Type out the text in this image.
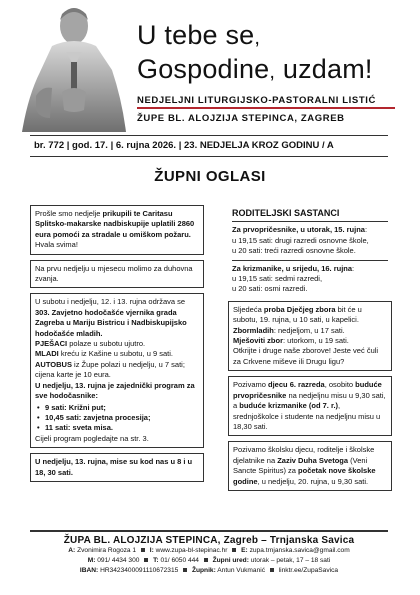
U tebe se,
Gospodine, uzdam!
NEDJELJNI LITURGIJSKO-PASTORALNI LISTIĆ
ŽUPE BL. ALOJZIJA STEPINCA, ZAGREB
br. 772 | god. 17. | 6. rujna 2026. | 23. NEDJELJA KROZ GODINU / A
ŽUPNI OGLASI
Prošle smo nedjelje prikupili te Caritasu Splitsko-makarske nadbiskupije uplatili 2860 eura pomoći za stradale u omiškom požaru. Hvala svima!
Na prvu nedjelju u mjesecu molimo za duhovna zvanja.
U subotu i nedjelju, 12. i 13. rujna održava se 303. Zavjetno hodočašće vjernika grada Zagreba u Mariju Bistricu i Nadbiskupijsko hodočašće mladih.
PJEŠACI polaze u subotu ujutro.
MLADI kreću iz Kašine u subotu, u 9 sati.
AUTOBUS iz Župe polazi u nedjelju, u 7 sati; cijena karte je 10 eura.
U nedjelju, 13. rujna je zajednički program za sve hodočasnike:
• 9 sati: Križni put;
• 10,45 sati: zavjetna procesija;
• 11 sati: sveta misa.
Cijeli program pogledajte na str. 3.
U nedjelju, 13. rujna, mise su kod nas u 8 i u 18, 30 sati.
RODITELJSKI SASTANCI
Za prvopričesnike, u utorak, 15. rujna:
u 19,15 sati: drugi razredi osnovne škole,
u 20 sati: treći razredi osnovne škole.
Za krizmanike, u srijedu, 16. rujna:
u 19,15 sati: sedmi razredi,
u 20 sati: osmi razredi.
Sljedeća proba Dječjeg zbora bit će u subotu, 19. rujna, u 10 sati, u kapelici.
Zbormladih: nedjeljom, u 17 sati.
Mješoviti zbor: utorkom, u 19 sati.
Otkrijte i druge naše zborove! Jeste već čuli za Crkvene miševe ili Drugu ligu?
Pozivamo djecu 6. razreda, osobito buduće prvopričesnike na nedjeljnu misu u 9,30 sati, a buduće krizmanike (od 7. r.), srednjoškolce i studente na nedjeljnu misu u 18,30 sati.
Pozivamo školsku djecu, roditelje i školske djelatnike na Zaziv Duha Svetoga (Veni Sancte Spiritus) za početak nove školske godine, u nedjelju, 20. rujna, u 9,30 sati.
ŽUPA BL. ALOJZIJA STEPINCA, Zagreb – Trnjanska Savica
A: Zvonimira Rogoza 1  I: www.zupa-bl-stepinac.hr  E: zupa.trnjanska.savica@gmail.com
M: 091/ 4434 300  T: 01/ 6050 444  Župni ured: utorak – petak, 17 – 18 sati
IBAN: HR3423400091110672315  Župnik: Antun Vukmanić  linktr.ee/ZupaSavica
